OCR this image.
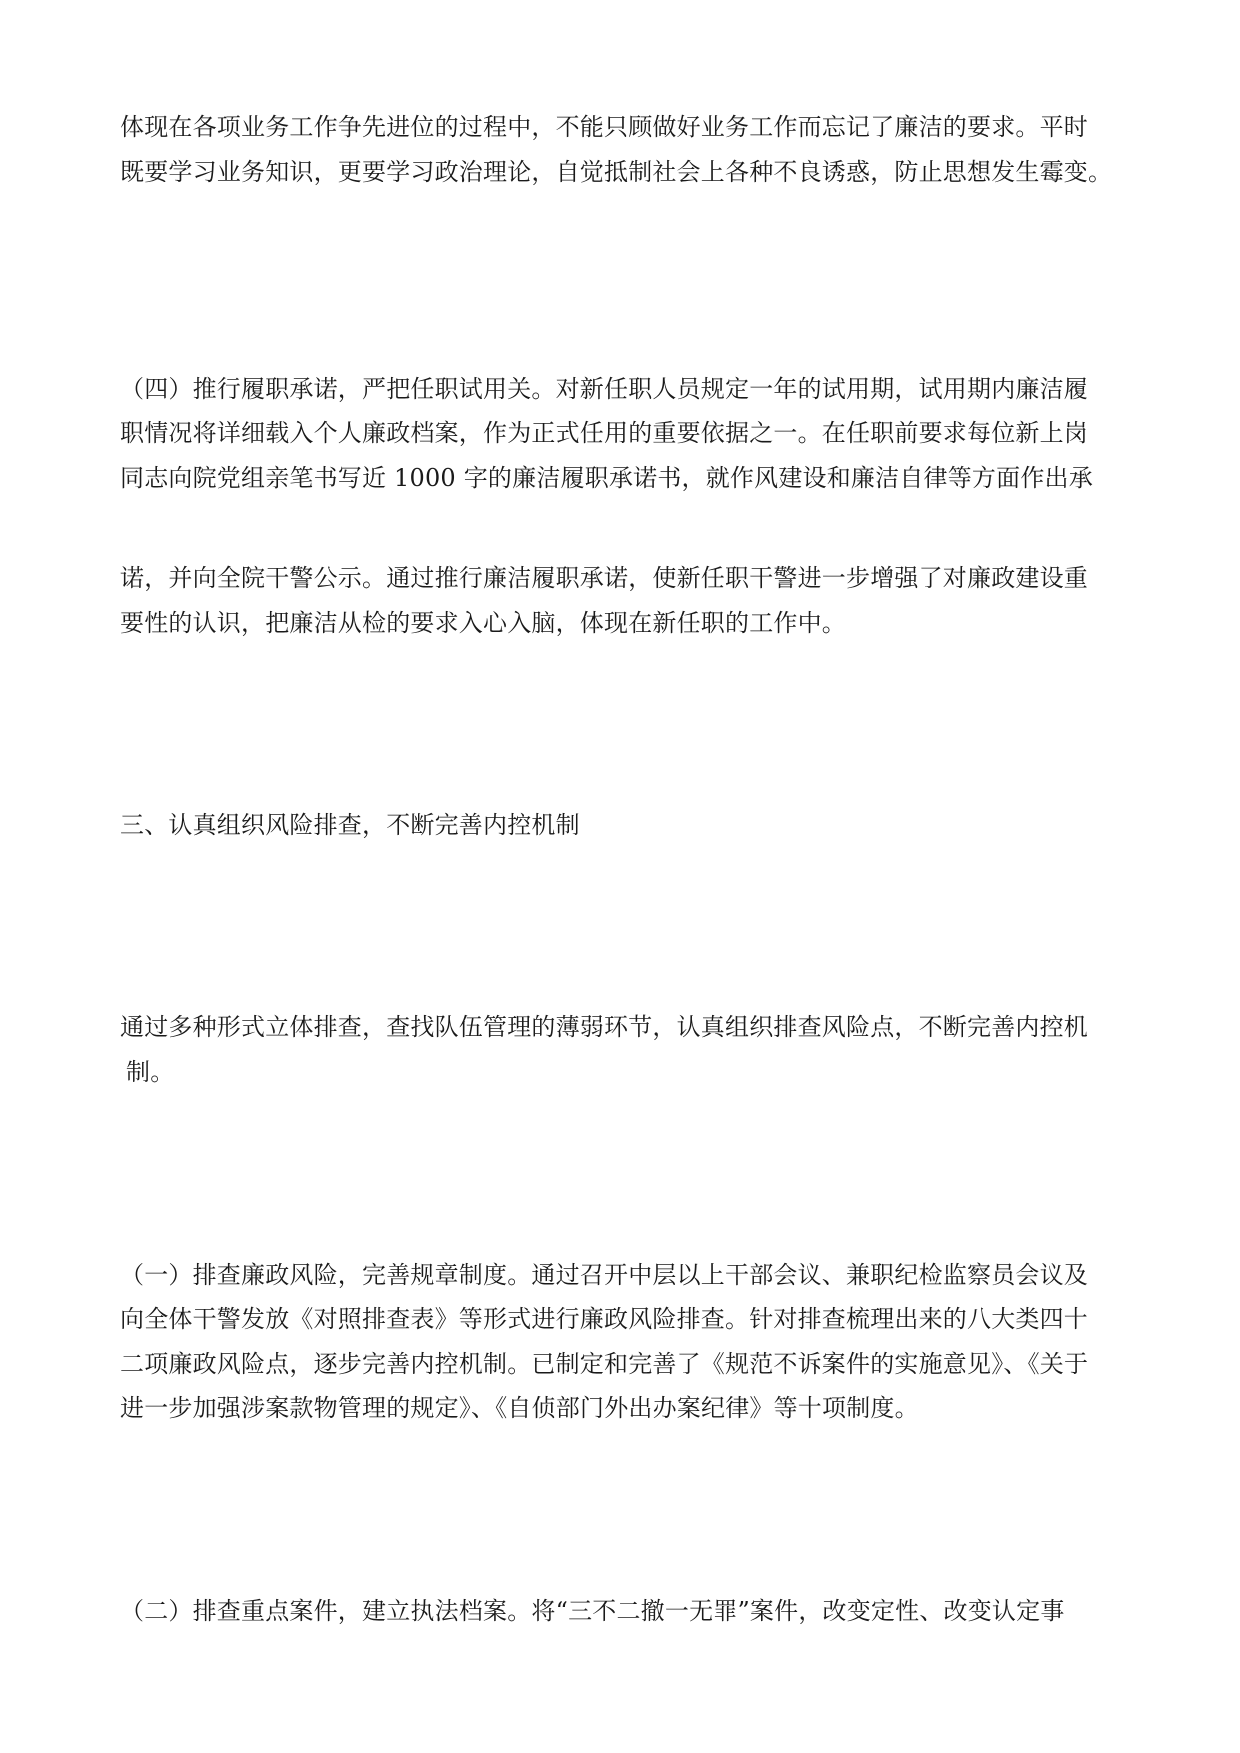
体现在各项业务工作争先进位的过程中，不能只顾做好业务工作而忘记了廉洁的要求。平时

既要学习业务知识，更要学习政治理论，自觉抵制社会上各种不良诱惑，防止思想发生霉变。

（四）推行履职承诺，严把任职试用关。对新任职人员规定一年的试用期，试用期内廉洁履

职情况将详细载入个人廉政档案，作为正式任用的重要依据之一。在任职前要求每位新上岗

同志向院党组亲笔书写近 1000 字的廉洁履职承诺书，就作风建设和廉洁自律等方面作出承

诺，并向全院干警公示。通过推行廉洁履职承诺，使新任职干警进一步增强了对廉政建设重

要性的认识，把廉洁从检的要求入心入脑，体现在新任职的工作中。

三、认真组织风险排查，不断完善内控机制

通过多种形式立体排查，查找队伍管理的薄弱环节，认真组织排查风险点，不断完善内控机

制。

（一）排查廉政风险，完善规章制度。通过召开中层以上干部会议、兼职纪检监察员会议及

向全体干警发放《对照排查表》等形式进行廉政风险排查。针对排查梳理出来的八大类四十

二项廉政风险点，逐步完善内控机制。已制定和完善了《规范不诉案件的实施意见》、《关于

进一步加强涉案款物管理的规定》、《自侦部门外出办案纪律》等十项制度。

（二）排查重点案件，建立执法档案。将“三不二撤一无罪”案件，改变定性、改变认定事
